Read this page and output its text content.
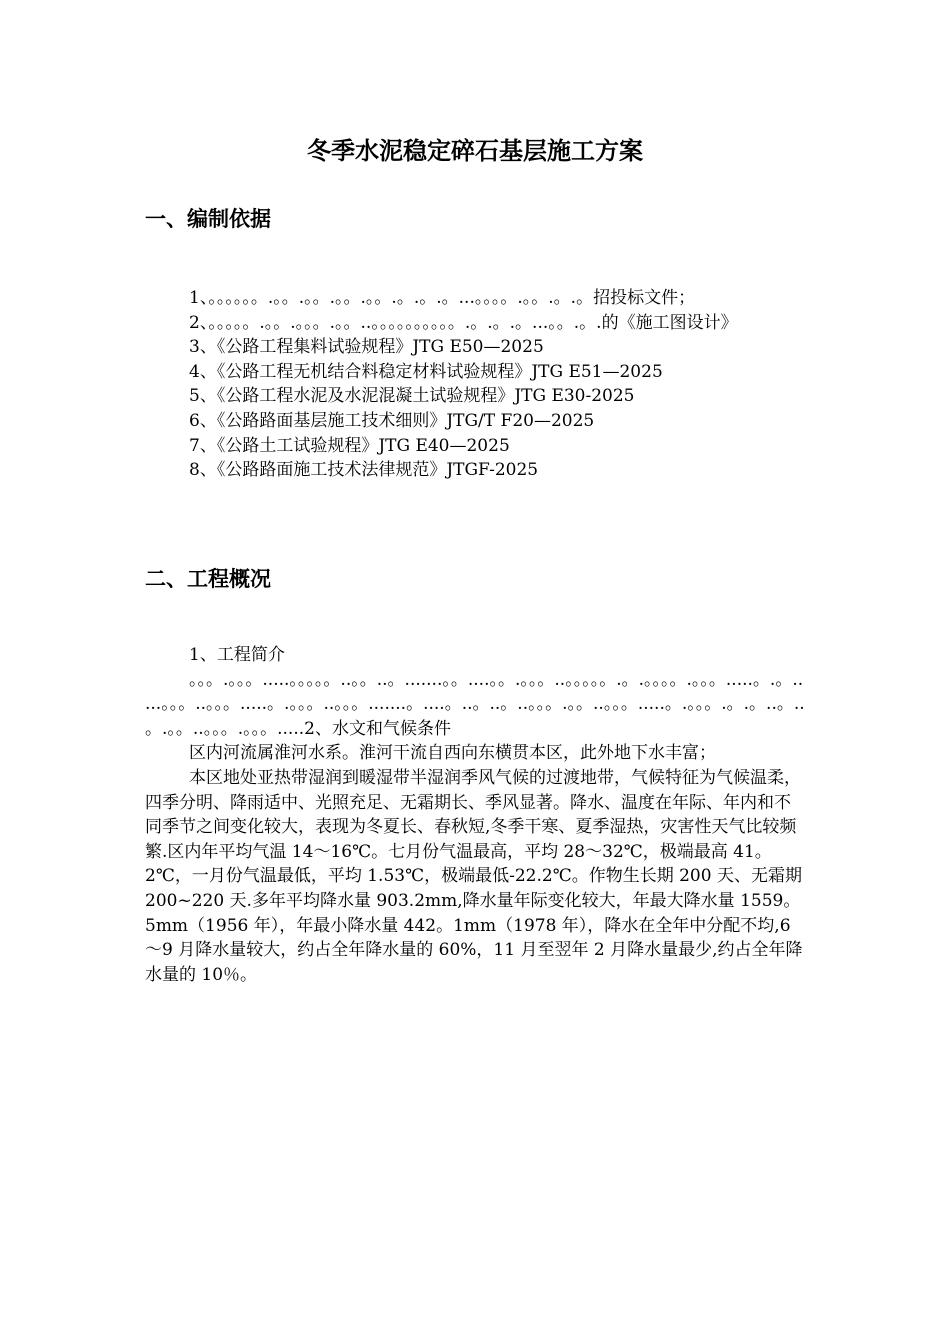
冬季水泥稳定碎石基层施工方案
一、编制依据

1、。。。。。。.。。.。。.。。.。。.。.。.。...。。。。.。。.。.。招投标文件；

2、。。。。。.。。.。。。.。。..。。。。。。。。。。.。.。.。...。。.。.的《施工图设计》

3、《公路工程集料试验规程》JTG E50—2025

4、《公路工程无机结合料稳定材料试验规程》JTG E51—2025

5、《公路工程水泥及水泥混凝土试验规程》JTG E30-2025

6、《公路路面基层施工技术细则》JTG/T F20—2025

7、《公路土工试验规程》JTG E40—2025

8、《公路路面施工技术法律规范》JTGF-2025

二、工程概况

1、工程简介

。。。.。。。.....。。。。。..。。..。.......。。....。。.。。。..。。。。。.。.。。。。.。。。.....。.。.....。。。..。。。.....。.。。。..。。。.......。....。..。..。..。。。.。。..。。。.....。.。。。.。.。..。..。.。。..。。。.。。。.....2、水文和气候条件

区内河流属淮河水系。淮河干流自西向东横贯本区，此外地下水丰富；

本区地处亚热带湿润到暖湿带半湿润季风气候的过渡地带，气候特征为气候温柔，四季分明、降雨适中、光照充足、无霜期长、季风显著。降水、温度在年际、年内和不同季节之间变化较大，表现为冬夏长、春秋短,冬季干寒、夏季湿热，灾害性天气比较频繁.区内年平均气温 14～16℃。七月份气温最高，平均 28～32℃，极端最高 41。2℃，一月份气温最低，平均 1.53℃，极端最低-22.2℃。作物生长期 200 天、无霜期 200~220 天.多年平均降水量 903.2mm,降水量年际变化较大，年最大降水量 1559。5mm（1956 年），年最小降水量 442。1mm（1978 年），降水在全年中分配不均,6～9 月降水量较大，约占全年降水量的 60%，11 月至翌年 2 月降水量最少,约占全年降水量的 10％。
